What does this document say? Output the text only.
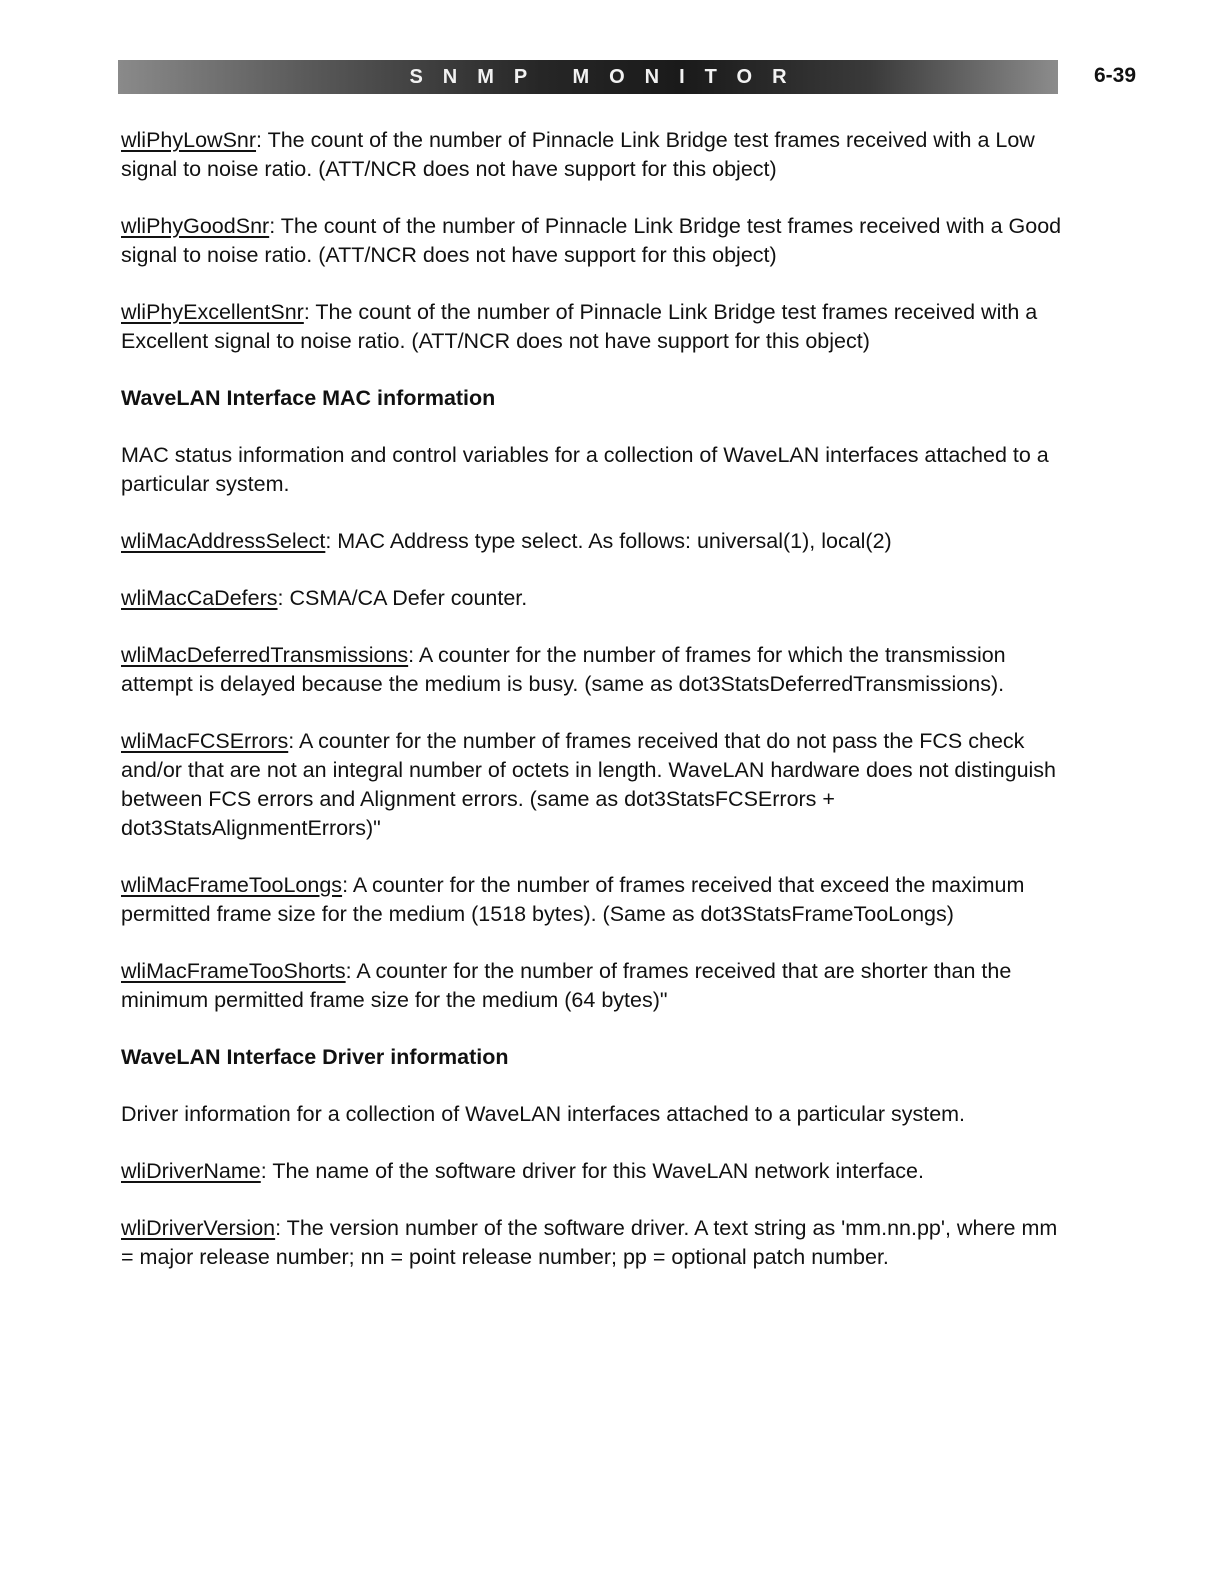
SNMP MONITOR	6-39

wliPhyLowSnr: The count of the number of Pinnacle Link Bridge test frames received with a Low signal to noise ratio. (ATT/NCR does not have support for this object)

wliPhyGoodSnr: The count of the number of Pinnacle Link Bridge test frames received with a Good signal to noise ratio. (ATT/NCR does not have support for this object)

wliPhyExcellentSnr: The count of the number of Pinnacle Link Bridge test frames received with a Excellent signal to noise ratio. (ATT/NCR does not have support for this object)

WaveLAN Interface MAC information

MAC status information and control variables for a collection of WaveLAN interfaces attached to a particular system.

wliMacAddressSelect: MAC Address type select. As follows: universal(1), local(2)

wliMacCaDefers: CSMA/CA Defer counter.

wliMacDeferredTransmissions: A counter for the number of frames for which the transmission attempt is delayed because the medium is busy. (same as dot3StatsDeferredTransmissions).

wliMacFCSErrors: A counter for the number of frames received that do not pass the FCS check and/or that are not an integral number of octets in length. WaveLAN hardware does not distinguish between FCS errors and Alignment errors. (same as dot3StatsFCSErrors + dot3StatsAlignmentErrors)"

wliMacFrameTooLongs: A counter for the number of frames received that exceed the maximum permitted frame size for the medium (1518 bytes). (Same as dot3StatsFrameTooLongs)

wliMacFrameTooShorts: A counter for the number of frames received that are shorter than the minimum permitted frame size for the medium (64 bytes)"

WaveLAN Interface Driver information

Driver information for a collection of WaveLAN interfaces attached to a particular system.

wliDriverName: The name of the software driver for this WaveLAN network interface.

wliDriverVersion: The version number of the software driver. A text string as 'mm.nn.pp', where mm = major release number; nn = point release number; pp = optional patch number.
